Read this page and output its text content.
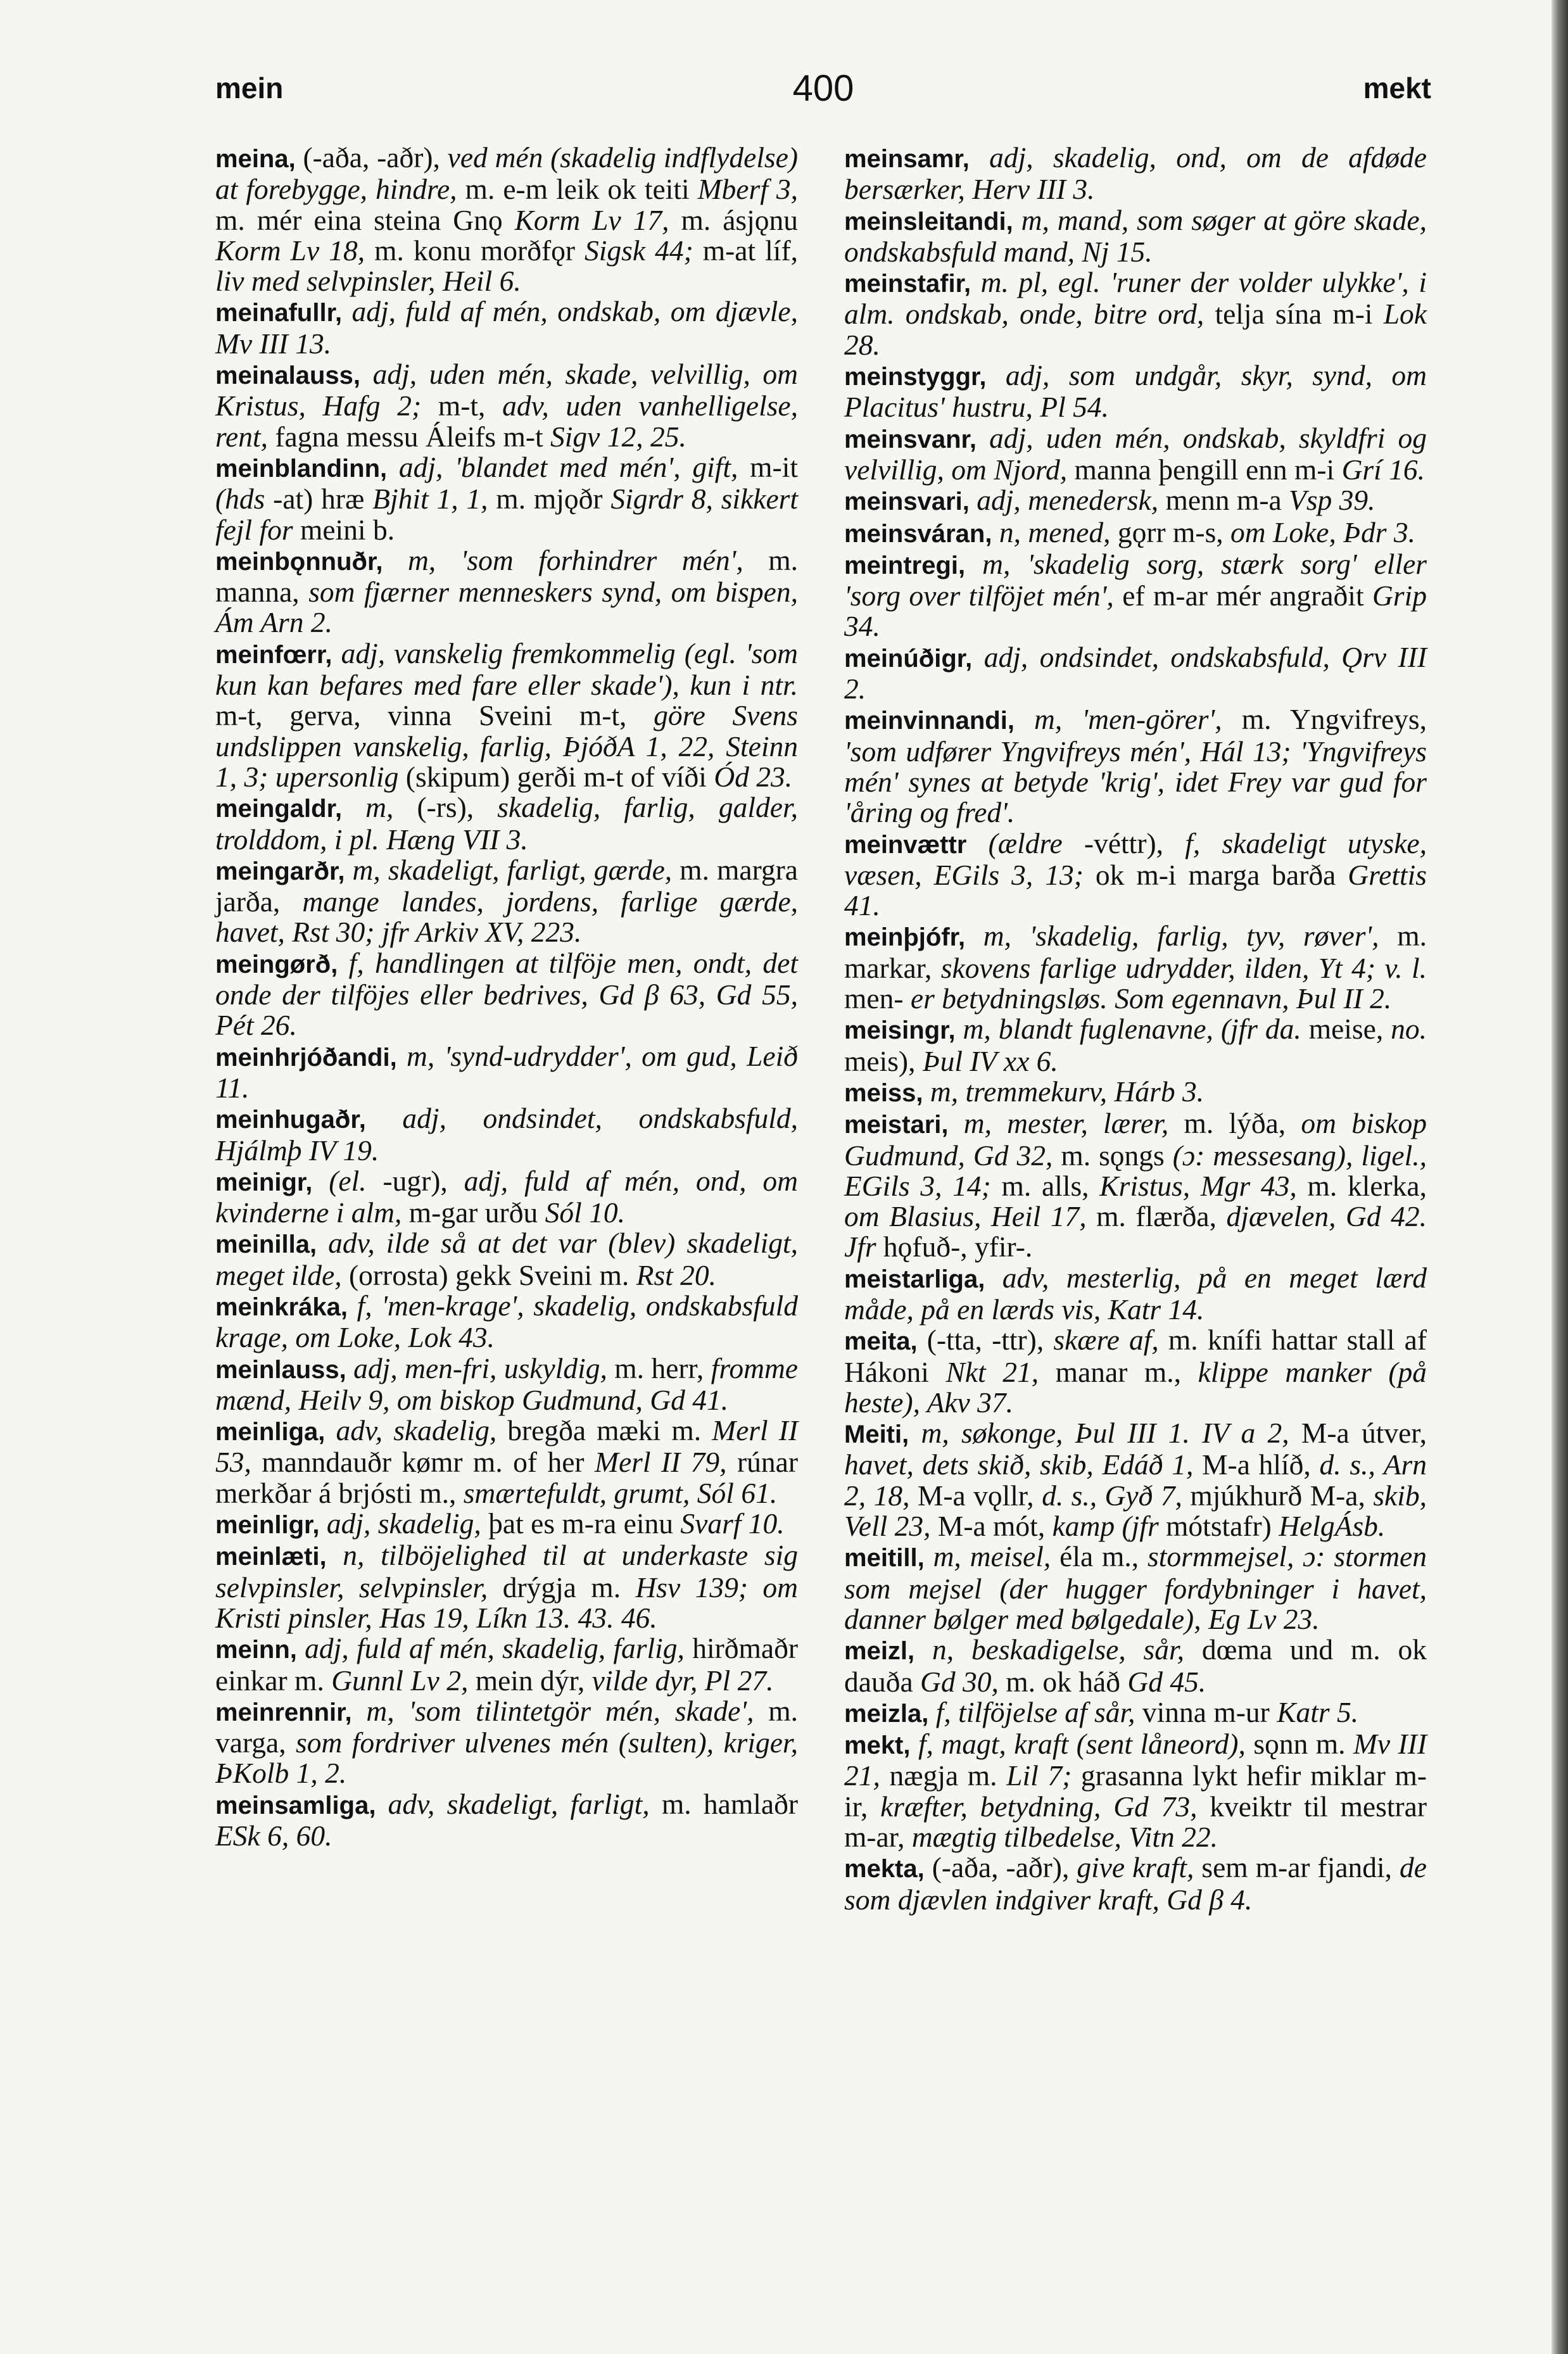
mein	400	mekt

meina, (-aða, -aðr), ved mén (skadelig indflydelse) at forebygge, hindre, m. e-m leik ok teiti Mberf 3, m. mér eina steina Gnǫ Korm Lv 17, m. ásjǫnu Korm Lv 18, m. konu morðfǫr Sigsk 44; m-at líf, liv med selvpinsler, Heil 6.

meinafullr, adj, fuld af mén, ondskab, om djævle, Mv III 13.

meinalauss, adj, uden mén, skade, velvillig, om Kristus, Hafg 2; m-t, adv, uden vanhelligelse, rent, fagna messu Áleifs m-t Sigv 12, 25.

meinblandinn, adj, 'blandet med mén', gift, m-it (hds -at) hræ Bjhit 1, 1, m. mjǫðr Sigrdr 8, sikkert fejl for meini b.

meinbǫnnuðr, m, 'som forhindrer mén', m. manna, som fjærner menneskers synd, om bispen, Ám Arn 2.

meinfœrr, adj, vanskelig fremkommelig (egl. 'som kun kan befares med fare eller skade'), kun i ntr. m-t, gerva, vinna Sveini m-t, göre Svens undslippen vanskelig, farlig, ÞjóðA 1, 22, Steinn 1, 3; upersonlig (skipum) gerði m-t of víði Ód 23.

meingaldr, m, (-rs), skadelig, farlig, galder, trolddom, i pl. Hæng VII 3.

meingarðr, m, skadeligt, farligt, gærde, m. margra jarða, mange landes, jordens, farlige gærde, havet, Rst 30; jfr Arkiv XV, 223.

meingørð, f, handlingen at tilföje men, ondt, det onde der tilföjes eller bedrives, Gd β 63, Gd 55, Pét 26.

meinhrjóðandi, m, 'synd-udrydder', om gud, Leið 11.

meinhugaðr, adj, ondsindet, ondskabsfuld, Hjálmþ IV 19.

meinigr, (el. -ugr), adj, fuld af mén, ond, om kvinderne i alm, m-gar urðu Sól 10.

meinilla, adv, ilde så at det var (blev) skadeligt, meget ilde, (orrosta) gekk Sveini m. Rst 20.

meinkráka, f, 'men-krage', skadelig, ondskabsfuld krage, om Loke, Lok 43.

meinlauss, adj, men-fri, uskyldig, m. herr, fromme mænd, Heilv 9, om biskop Gudmund, Gd 41.

meinliga, adv, skadelig, bregða mæki m. Merl II 53, manndauðr kømr m. of her Merl II 79, rúnar merkðar á brjósti m., smærtefuldt, grumt, Sól 61.

meinligr, adj, skadelig, þat es m-ra einu Svarf 10.

meinlæti, n, tilböjelighed til at underkaste sig selvpinsler, selvpinsler, drýgja m. Hsv 139; om Kristi pinsler, Has 19, Líkn 13. 43. 46.

meinn, adj, fuld af mén, skadelig, farlig, hirðmaðr einkar m. Gunnl Lv 2, mein dýr, vilde dyr, Pl 27.

meinrennir, m, 'som tilintetgör mén, skade', m. varga, som fordriver ulvenes mén (sulten), kriger, ÞKolb 1, 2.

meinsamliga, adv, skadeligt, farligt, m. hamlaðr ESk 6, 60.

meinsamr, adj, skadelig, ond, om de afdøde bersærker, Herv III 3.

meinsleitandi, m, mand, som søger at göre skade, ondskabsfuld mand, Nj 15.

meinstafir, m. pl, egl. 'runer der volder ulykke', i alm. ondskab, onde, bitre ord, telja sína m-i Lok 28.

meinstyggr, adj, som undgår, skyr, synd, om Placitus' hustru, Pl 54.

meinsvanr, adj, uden mén, ondskab, skyldfri og velvillig, om Njord, manna þengill enn m-i Grí 16.

meinsvari, adj, menedersk, menn m-a Vsp 39.

meinsváran, n, mened, gǫrr m-s, om Loke, Þdr 3.

meintregi, m, 'skadelig sorg, stærk sorg' eller 'sorg over tilföjet mén', ef m-ar mér angraðit Grip 34.

meinúðigr, adj, ondsindet, ondskabsfuld, Ǫrv III 2.

meinvinnandi, m, 'men-görer', m. Yngvifreys, 'som udfører Yngvifreys mén', Hál 13; 'Yngvifreys mén' synes at betyde 'krig', idet Frey var gud for 'åring og fred'.

meinvættr (ældre -véttr), f, skadeligt utyske, væsen, EGils 3, 13; ok m-i marga barða Grettis 41.

meinþjófr, m, 'skadelig, farlig, tyv, røver', m. markar, skovens farlige udrydder, ilden, Yt 4; v. l. men- er betydningsløs. Som egennavn, Þul II 2.

meisingr, m, blandt fuglenavne, (jfr da. meise, no. meis), Þul IV xx 6.

meiss, m, tremmekurv, Hárb 3.

meistari, m, mester, lærer, m. lýða, om biskop Gudmund, Gd 32, m. sǫngs (ɔ: messesang), ligel., EGils 3, 14; m. alls, Kristus, Mgr 43, m. klerka, om Blasius, Heil 17, m. flærða, djævelen, Gd 42. Jfr hǫfuð-, yfir-.

meistarliga, adv, mesterlig, på en meget lærd måde, på en lærds vis, Katr 14.

meita, (-tta, -ttr), skære af, m. knífi hattar stall af Hákoni Nkt 21, manar m., klippe manker (på heste), Akv 37.

Meiti, m, søkonge, Þul III 1. IV a 2, M-a útver, havet, dets skið, skib, Edáð 1, M-a hlíð, d. s., Arn 2, 18, M-a vǫllr, d. s., Gyð 7, mjúkhurð M-a, skib, Vell 23, M-a mót, kamp (jfr mótstafr) HelgÁsb.

meitill, m, meisel, éla m., stormmejsel, ɔ: stormen som mejsel (der hugger fordybninger i havet, danner bølger med bølgedale), Eg Lv 23.

meizl, n, beskadigelse, sår, dœma und m. ok dauða Gd 30, m. ok háð Gd 45.

meizla, f, tilföjelse af sår, vinna m-ur Katr 5.

mekt, f, magt, kraft (sent låneord), sǫnn m. Mv III 21, nægja m. Lil 7; grasanna lykt hefir miklar m-ir, kræfter, betydning, Gd 73, kveiktr til mestrar m-ar, mægtig tilbedelse, Vitn 22.

mekta, (-aða, -aðr), give kraft, sem m-ar fjandi, de som djævlen indgiver kraft, Gd β 4.
